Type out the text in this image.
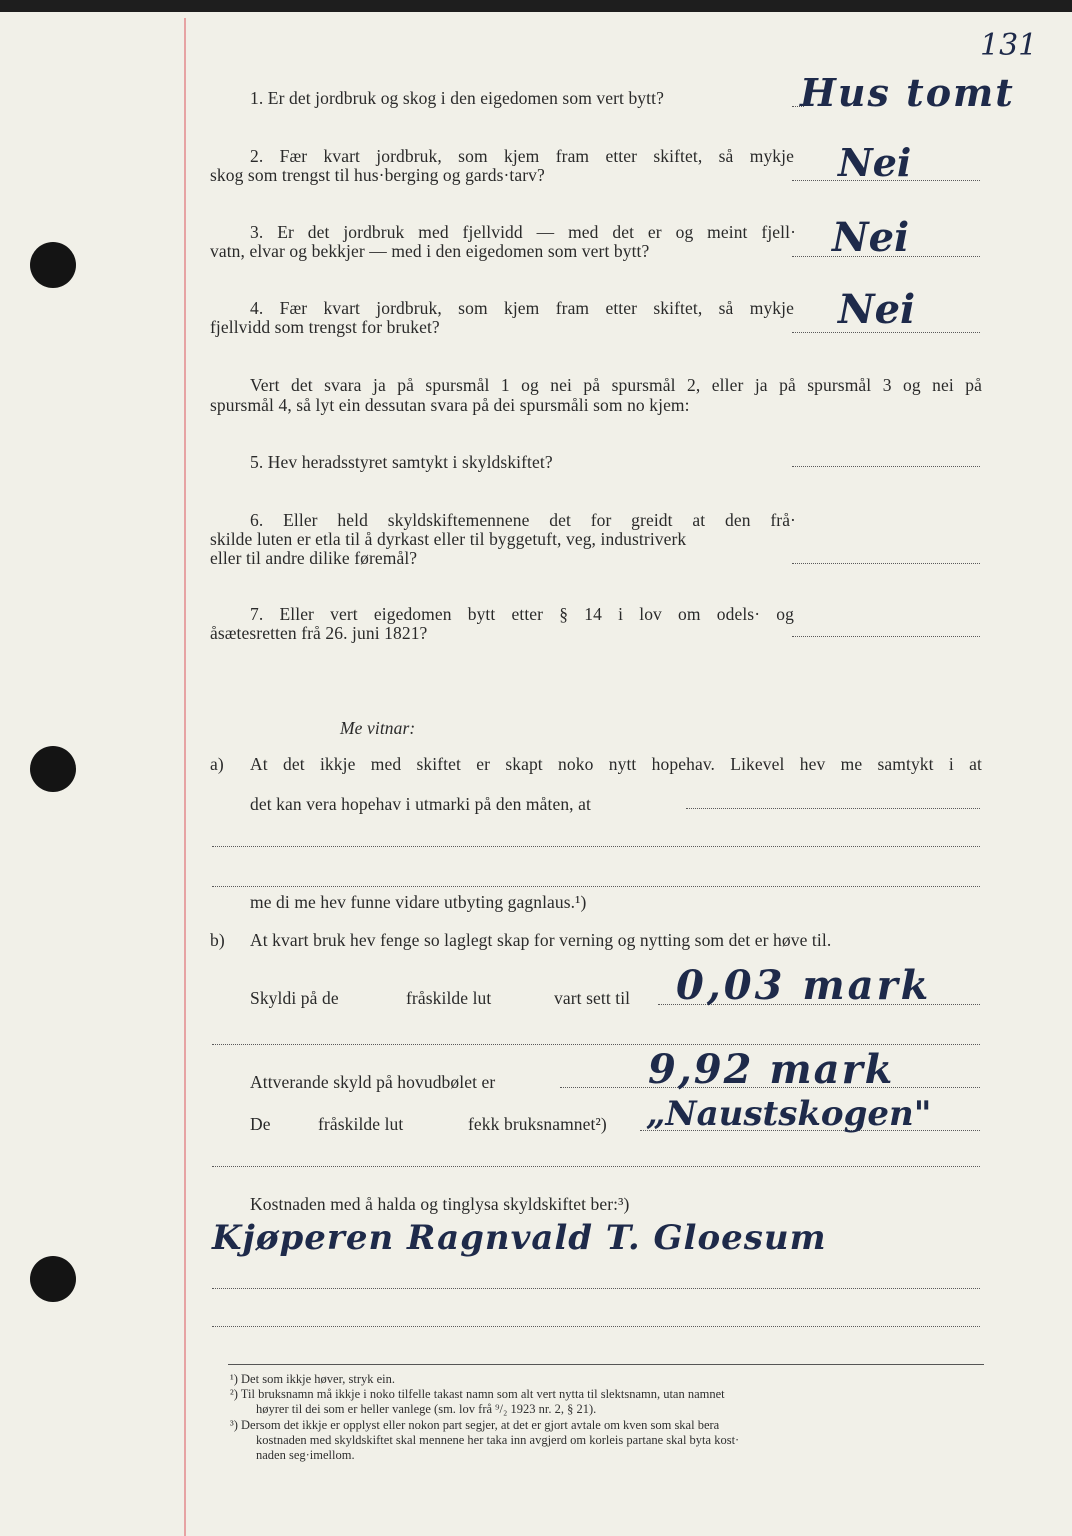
131
1. Er det jordbruk og skog i den eigedomen som vert bytt?	Hus tomt
2. Fær kvart jordbruk, som kjem fram etter skiftet, så mykje
skog som trengst til hus·berging og gards·tarv?	Nei
3. Er det jordbruk med fjellvidd — med det er og meint fjell·
vatn, elvar og bekkjer — med i den eigedomen som vert bytt?	Nei
4. Fær kvart jordbruk, som kjem fram etter skiftet, så mykje
fjellvidd som trengst for bruket?	Nei
Vert det svara ja på spursmål 1 og nei på spursmål 2, eller ja på spursmål 3 og nei på
spursmål 4, så lyt ein dessutan svara på dei spursmåli som no kjem:
5. Hev heradsstyret samtykt i skyldskiftet?
6. Eller held skyldskiftemennene det for greidt at den frå·
skilde luten er etla til å dyrkast eller til byggetuft, veg, industriverk
eller til andre dilike føremål?
7. Eller vert eigedomen bytt etter § 14 i lov om odels· og
åsætesretten frå 26. juni 1821?
Me vitnar:
a) At det ikkje med skiftet er skapt noko nytt hopehav. Likevel hev me samtykt i at
det kan vera hopehav i utmarki på den måten, at
me di me hev funne vidare utbyting gagnlaus.¹)
b) At kvart bruk hev fenge so laglegt skap for verning og nytting som det er høve til.
Skyldi på de	fråskilde lut	vart sett til 0,03 mark
Attverande skyld på hovudbølet er	9,92 mark
De	fråskilde lut	fekk bruksnamnet²) „Naustskogen"
Kostnaden med å halda og tinglysa skyldskiftet ber:³)
Kjøperen Ragnvald T. Gloesum
¹) Det som ikkje høver, stryk ein.
²) Til bruksnamn må ikkje i noko tilfelle takast namn som alt vert nytta til slektsnamn, utan namnet
høyrer til dei som er heller vanlege (sm. lov frå ⁹/₂ 1923 nr. 2, § 21).
³) Dersom det ikkje er opplyst eller nokon part segjer, at det er gjort avtale om kven som skal bera
kostnaden med skyldskiftet skal mennene her taka inn avgjerd om korleis partane skal byta kost·
naden seg·imellom.
